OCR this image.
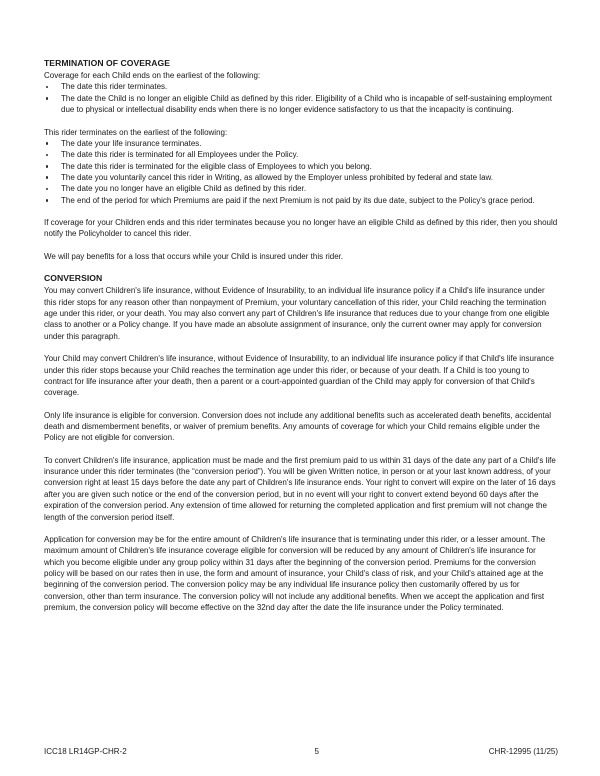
TERMINATION OF COVERAGE

Coverage for each Child ends on the earliest of the following:

The date this rider terminates.
The date the Child is no longer an eligible Child as defined by this rider. Eligibility of a Child who is incapable of self-sustaining employment due to physical or intellectual disability ends when there is no longer evidence satisfactory to us that the incapacity is continuing.

This rider terminates on the earliest of the following:

The date your life insurance terminates.
The date this rider is terminated for all Employees under the Policy.
The date this rider is terminated for the eligible class of Employees to which you belong.
The date you voluntarily cancel this rider in Writing, as allowed by the Employer unless prohibited by federal and state law.
The date you no longer have an eligible Child as defined by this rider.
The end of the period for which Premiums are paid if the next Premium is not paid by its due date, subject to the Policy's grace period.

If coverage for your Children ends and this rider terminates because you no longer have an eligible Child as defined by this rider, then you should notify the Policyholder to cancel this rider.

We will pay benefits for a loss that occurs while your Child is insured under this rider.

CONVERSION

You may convert Children's life insurance, without Evidence of Insurability, to an individual life insurance policy if a Child's life insurance under this rider stops for any reason other than nonpayment of Premium, your voluntary cancellation of this rider, your Child reaching the termination age under this rider, or your death. You may also convert any part of Children's life insurance that reduces due to your change from one eligible class to another or a Policy change. If you have made an absolute assignment of insurance, only the current owner may apply for conversion under this paragraph.

Your Child may convert Children's life insurance, without Evidence of Insurability, to an individual life insurance policy if that Child's life insurance under this rider stops because your Child reaches the termination age under this rider, or because of your death. If a Child is too young to contract for life insurance after your death, then a parent or a court-appointed guardian of the Child may apply for conversion of that Child's coverage.

Only life insurance is eligible for conversion. Conversion does not include any additional benefits such as accelerated death benefits, accidental death and dismemberment benefits, or waiver of premium benefits. Any amounts of coverage for which your Child remains eligible under the Policy are not eligible for conversion.

To convert Children's life insurance, application must be made and the first premium paid to us within 31 days of the date any part of a Child's life insurance under this rider terminates (the “conversion period”). You will be given Written notice, in person or at your last known address, of your conversion right at least 15 days before the date any part of Children's life insurance ends. Your right to convert will expire on the later of 16 days after you are given such notice or the end of the conversion period, but in no event will your right to convert extend beyond 60 days after the expiration of the conversion period. Any extension of time allowed for returning the completed application and first premium will not change the length of the conversion period itself.

Application for conversion may be for the entire amount of Children's life insurance that is terminating under this rider, or a lesser amount. The maximum amount of Children's life insurance coverage eligible for conversion will be reduced by any amount of Children's life insurance for which you become eligible under any group policy within 31 days after the beginning of the conversion period. Premiums for the conversion policy will be based on our rates then in use, the form and amount of insurance, your Child's class of risk, and your Child's attained age at the beginning of the conversion period. The conversion policy may be any individual life insurance policy then customarily offered by us for conversion, other than term insurance. The conversion policy will not include any additional benefits. When we accept the application and first premium, the conversion policy will become effective on the 32nd day after the date the life insurance under the Policy terminated.

ICC18 LR14GP-CHR-2	5	CHR-12995 (11/25)
